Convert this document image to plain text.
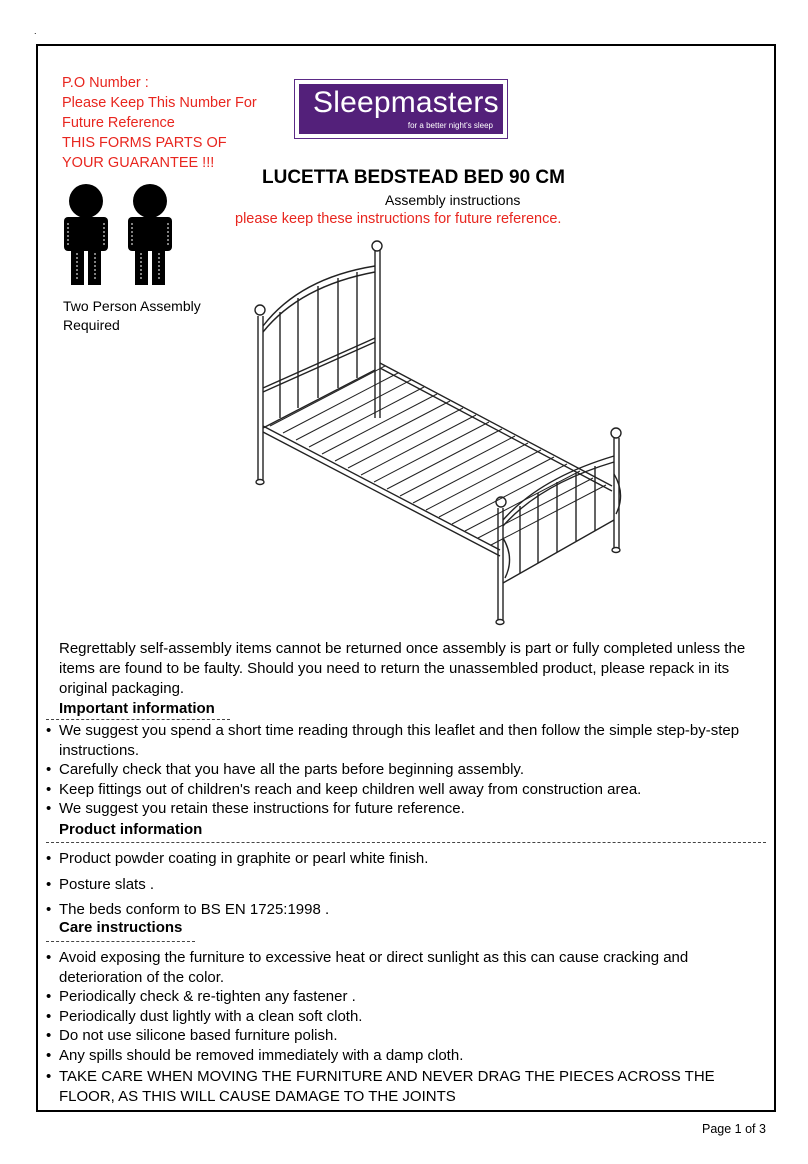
.
P.O Number :
Please Keep This Number For
Future Reference
THIS FORMS PARTS OF
YOUR GUARANTEE !!!
Sleepmasters
for a better night's sleep
Two Person Assembly
Required
LUCETTA BEDSTEAD BED 90 CM
Assembly instructions
please keep these instructions for future reference.
Regrettably self-assembly items cannot be returned once assembly is part or fully completed unless the items are found to be faulty. Should you need to return the unassembled product, please repack in its original packaging.
Important information
• We suggest you spend a short time reading through this leaflet and then follow the simple step-by-step instructions.
• Carefully check that you have all the parts before beginning assembly.
• Keep fittings out of children's reach and keep children well away from construction area.
• We suggest you retain these instructions for future reference.
Product information
• Product powder coating in graphite or pearl white finish.
• Posture slats .
• The beds conform to BS EN 1725:1998 .
Care instructions
• Avoid exposing the furniture to excessive heat or direct sunlight as this can cause cracking and deterioration of the color.
• Periodically check & re-tighten any fastener .
• Periodically dust lightly with a clean soft cloth.
• Do not use silicone based furniture polish.
• Any spills should be removed immediately with a damp cloth.
• TAKE CARE WHEN MOVING THE FURNITURE AND NEVER DRAG THE PIECES ACROSS THE FLOOR, AS THIS WILL CAUSE DAMAGE TO THE JOINTS
Page 1 of 3
